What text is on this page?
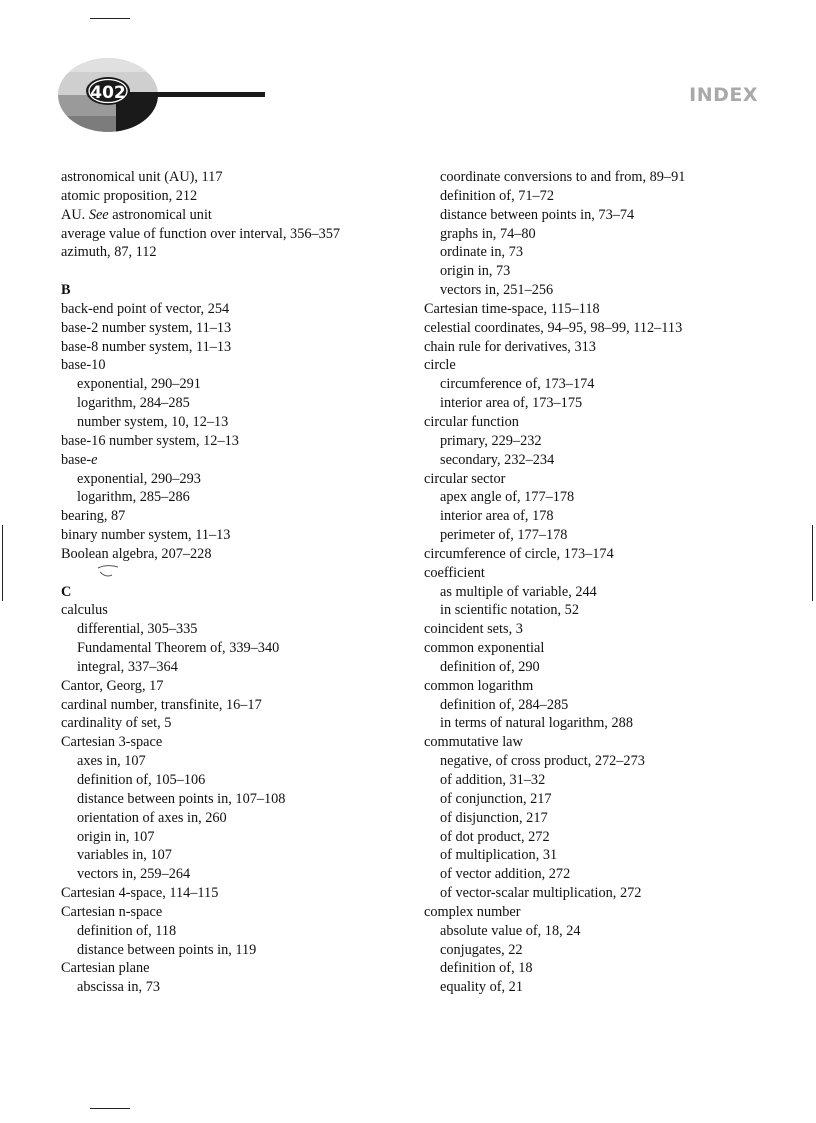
402	INDEX
astronomical unit (AU), 117
atomic proposition, 212
AU. See astronomical unit
average value of function over interval, 356–357
azimuth, 87, 112
B
back-end point of vector, 254
base-2 number system, 11–13
base-8 number system, 11–13
base-10
exponential, 290–291
logarithm, 284–285
number system, 10, 12–13
base-16 number system, 12–13
base-e
exponential, 290–293
logarithm, 285–286
bearing, 87
binary number system, 11–13
Boolean algebra, 207–228
C
calculus
differential, 305–335
Fundamental Theorem of, 339–340
integral, 337–364
Cantor, Georg, 17
cardinal number, transfinite, 16–17
cardinality of set, 5
Cartesian 3-space
axes in, 107
definition of, 105–106
distance between points in, 107–108
orientation of axes in, 260
origin in, 107
variables in, 107
vectors in, 259–264
Cartesian 4-space, 114–115
Cartesian n-space
definition of, 118
distance between points in, 119
Cartesian plane
abscissa in, 73
coordinate conversions to and from, 89–91
definition of, 71–72
distance between points in, 73–74
graphs in, 74–80
ordinate in, 73
origin in, 73
vectors in, 251–256
Cartesian time-space, 115–118
celestial coordinates, 94–95, 98–99, 112–113
chain rule for derivatives, 313
circle
circumference of, 173–174
interior area of, 173–175
circular function
primary, 229–232
secondary, 232–234
circular sector
apex angle of, 177–178
interior area of, 178
perimeter of, 177–178
circumference of circle, 173–174
coefficient
as multiple of variable, 244
in scientific notation, 52
coincident sets, 3
common exponential
definition of, 290
common logarithm
definition of, 284–285
in terms of natural logarithm, 288
commutative law
negative, of cross product, 272–273
of addition, 31–32
of conjunction, 217
of disjunction, 217
of dot product, 272
of multiplication, 31
of vector addition, 272
of vector-scalar multiplication, 272
complex number
absolute value of, 18, 24
conjugates, 22
definition of, 18
equality of, 21
